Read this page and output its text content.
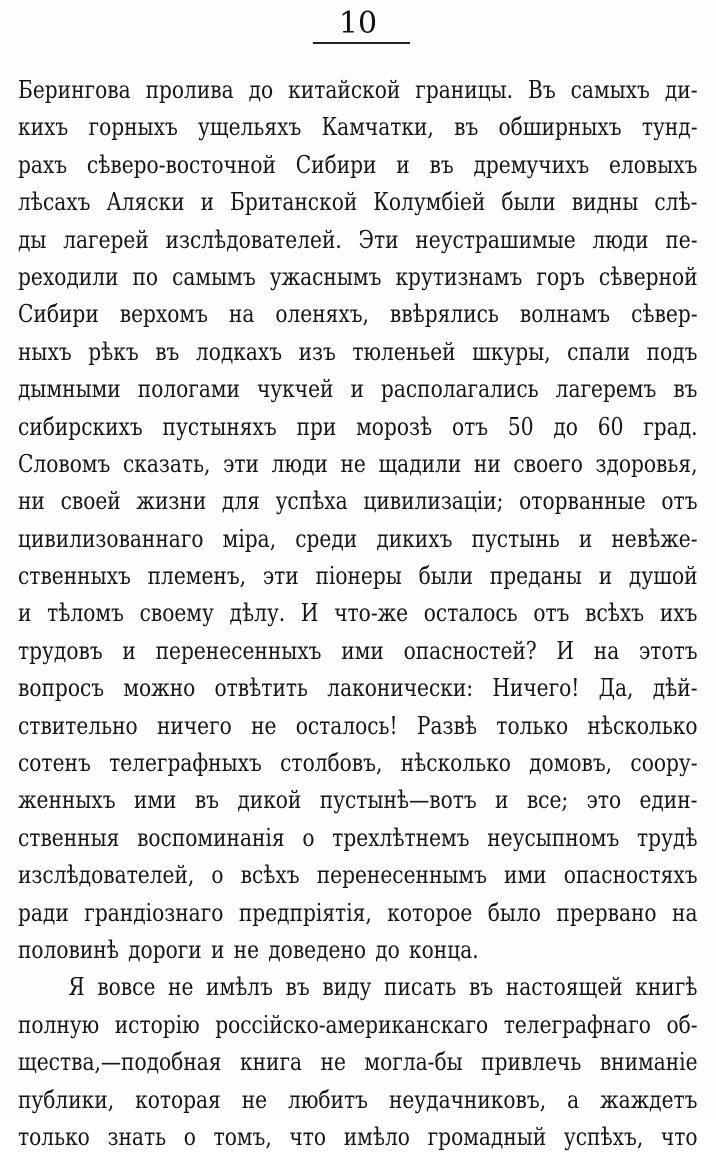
10
Берингова пролива до китайской границы. Въ самыхъ ди-
кихъ горныхъ ущельяхъ Камчатки, въ обширныхъ тунд-
рахъ сѣверо-восточной Сибири и въ дремучихъ еловыхъ
лѣсахъ Аляски и Британской Колумбіей были видны слѣ-
ды лагерей изслѣдователей. Эти неустрашимые люди пе-
реходили по самымъ ужаснымъ крутизнамъ горъ сѣверной
Сибири верхомъ на оленяхъ, ввѣрялись волнамъ сѣвер-
ныхъ рѣкъ въ лодкахъ изъ тюленьей шкуры, спали подъ
дымными пологами чукчей и располагались лагеремъ въ
сибирскихъ пустыняхъ при морозѣ отъ 50 до 60 град.
Словомъ сказать, эти люди не щадили ни своего здоровья,
ни своей жизни для успѣха цивилизаціи; оторванные отъ
цивилизованнаго міра, среди дикихъ пустынь и невѣже-
ственныхъ племенъ, эти піонеры были преданы и душой
и тѣломъ своему дѣлу. И что-же осталось отъ всѣхъ ихъ
трудовъ и перенесенныхъ ими опасностей? И на этотъ
вопросъ можно отвѣтить лаконически: Ничего! Да, дѣй-
ствительно ничего не осталось! Развѣ только нѣсколько
сотенъ телеграфныхъ столбовъ, нѣсколько домовъ, соору-
женныхъ ими въ дикой пустынѣ—вотъ и все; это един-
ственныя воспоминанія о трехлѣтнемъ неусыпномъ трудѣ
изслѣдователей, о всѣхъ перенесеннымъ ими опасностяхъ
ради грандіознаго предпріятія, которое было прервано на
половинѣ дороги и не доведено до конца.
Я вовсе не имѣлъ въ виду писать въ настоящей книгѣ
полную исторію россійско-американскаго телеграфнаго об-
щества,—подобная книга не могла-бы привлечь вниманіе
публики, которая не любитъ неудачниковъ, а жаждетъ
только знать о томъ, что имѣло громадный успѣхъ, что
